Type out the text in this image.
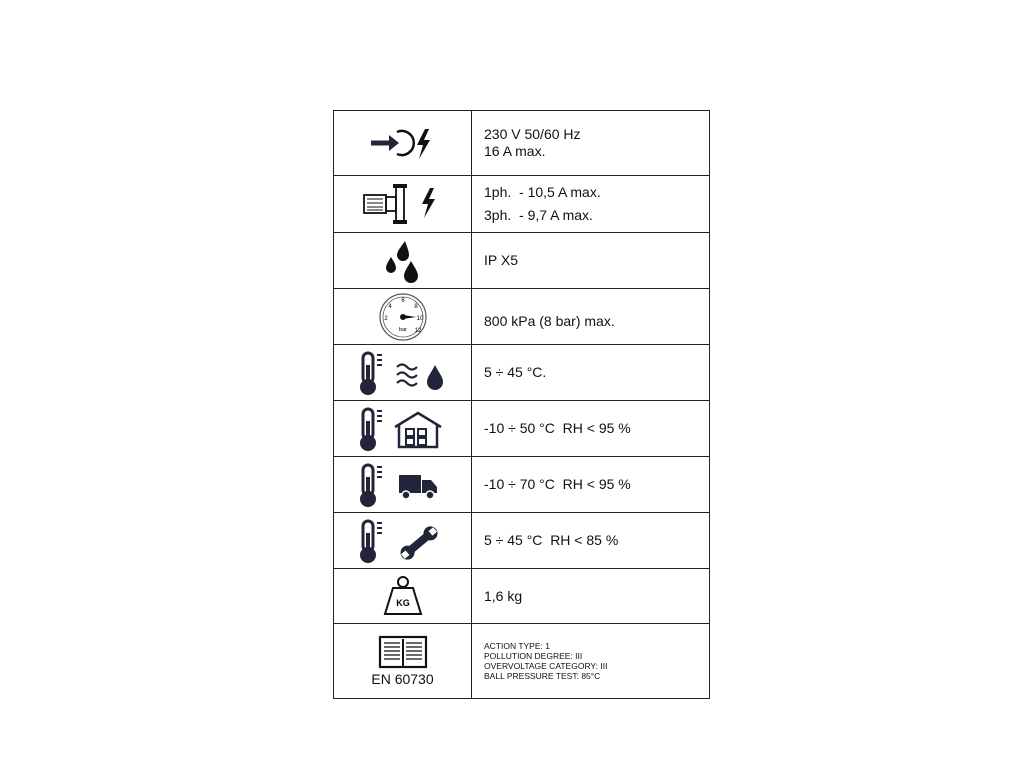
230 V 50/60 Hz
16 A max.
1ph.  - 10,5 A max.
3ph.  - 9,7 A max.
IP X5
4
2
6
8
10
12
bar
800 kPa (8 bar) max.
5 ÷ 45 °C.
-10 ÷ 50 °C  RH < 95 %
-10 ÷ 70 °C  RH < 95 %
5 ÷ 45 °C  RH < 85 %
KG	1,6 kg
EN 60730
ACTION TYPE: 1
POLLUTION DEGREE: III
OVERVOLTAGE CATEGORY: III
BALL PRESSURE TEST: 85°C
